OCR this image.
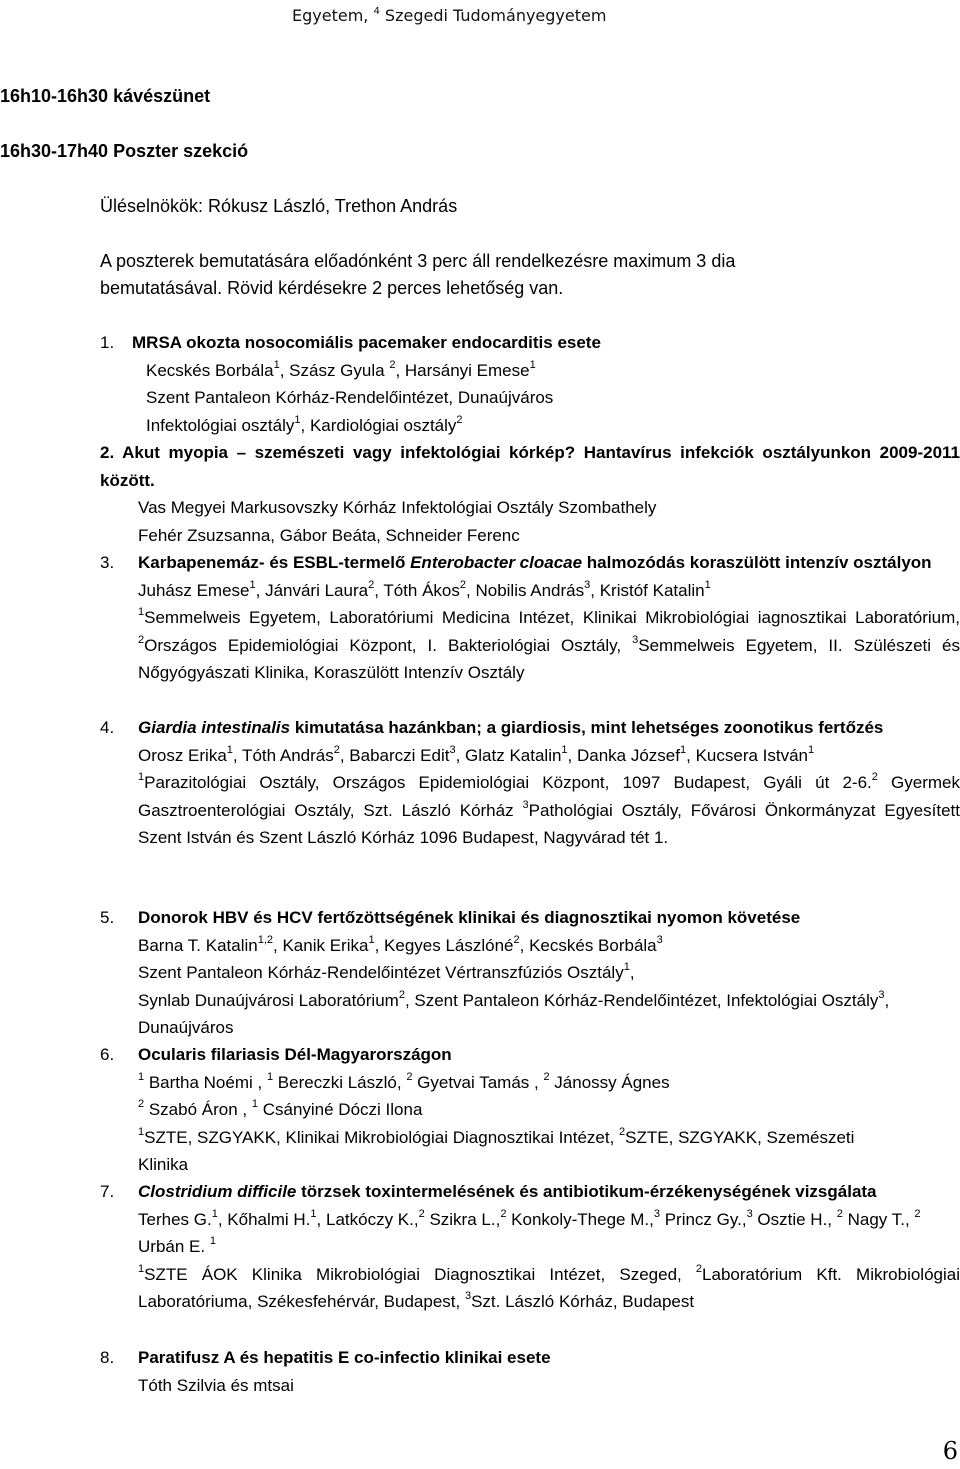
Egyetem, $^4$ Szegedi Tudományegyetem
16h10-16h30 kávészünet
16h30-17h40 Poszter szekció
Üléselnökök: Rókusz László, Trethon András
A poszterek bemutatására előadónként 3 perc áll rendelkezésre maximum 3 dia
bemutatásával. Rövid kérdésekre 2 perces lehetőség van.
1.	MRSA okozta nosocomiális pacemaker endocarditis esete
Kecskés Borbála$^1$, Szász Gyula $^2$, Harsányi Emese$^1$
Szent Pantaleon Kórház-Rendelőintézet, Dunaújváros
Infektológiai osztály$^1$, Kardiológiai osztály$^2$
2. Akut myopia – szemészeti vagy infektológiai kórkép? Hantavírus infekciók osztályunkon 2009-2011 között.
Vas Megyei Markusovszky Kórház Infektológiai Osztály Szombathely
Fehér Zsuzsanna, Gábor Beáta, Schneider Ferenc
3.	Karbapenemáz- és ESBL-termelő Enterobacter cloacae halmozódás koraszülött intenzív osztályon
Juhász Emese$^1$, Jánvári Laura$^2$, Tóth Ákos$^2$, Nobilis András$^3$, Kristóf Katalin$^1$
$^1$Semmelweis Egyetem, Laboratóriumi Medicina Intézet, Klinikai Mikrobiológiai iagnosztikai Laboratórium, $^2$Országos Epidemiológiai Központ, I. Bakteriológiai Osztály, $^3$Semmelweis Egyetem, II. Szülészeti és Nőgyógyászati Klinika, Koraszülött Intenzív Osztály
4.	Giardia intestinalis kimutatása hazánkban; a giardiosis, mint lehetséges zoonotikus fertőzés
Orosz Erika$^1$, Tóth András$^2$, Babarczi Edit$^3$, Glatz Katalin$^1$, Danka József$^1$, Kucsera István$^1$
$^1$Parazitológiai Osztály, Országos Epidemiológiai Központ, 1097 Budapest, Gyáli út 2-6.$^2$ Gyermek Gasztroenterológiai Osztály, Szt. László Kórház $^3$Pathológiai Osztály, Fővárosi Önkormányzat Egyesített Szent István és Szent László Kórház 1096 Budapest, Nagyvárad tét 1.
5.	Donorok HBV és HCV fertőzöttségének klinikai és diagnosztikai nyomon követése
Barna T. Katalin$^{1,2}$, Kanik Erika$^1$, Kegyes Lászlóné$^2$, Kecskés Borbála$^3$
Szent Pantaleon Kórház-Rendelőintézet Vértranszfúziós Osztály$^1$,
Synlab Dunaújvárosi Laboratórium$^2$, Szent Pantaleon Kórház-Rendelőintézet, Infektológiai Osztály$^3$, Dunaújváros
6.	Ocularis filariasis Dél-Magyarországon
$^1$ Bartha Noémi , $^1$ Bereczki László, $^2$ Gyetvai Tamás , $^2$ Jánossy Ágnes
$^2$ Szabó Áron , $^1$ Csányiné Dóczi Ilona
$^1$SZTE, SZGYAKK, Klinikai Mikrobiológiai Diagnosztikai Intézet, $^2$SZTE, SZGYAKK, Szemészeti Klinika
7.	Clostridium difficile törzsek toxintermelésének és antibiotikum-érzékenységének vizsgálata
Terhes G.$^1$, Kőhalmi H.$^1$, Latkóczy K.,$^2$ Szikra L.,$^2$ Konkoly-Thege M.,$^3$ Princz Gy.,$^3$ Osztie H., $^2$ Nagy T., $^2$ Urbán E. $^1$
$^1$SZTE ÁOK Klinika Mikrobiológiai Diagnosztikai Intézet, Szeged, $^2$Laboratórium Kft. Mikrobiológiai Laboratóriuma, Székesfehérvár, Budapest, $^3$Szt. László Kórház, Budapest
8.	Paratifusz A és hepatitis E co-infectio klinikai esete
Tóth Szilvia és mtsai
6
